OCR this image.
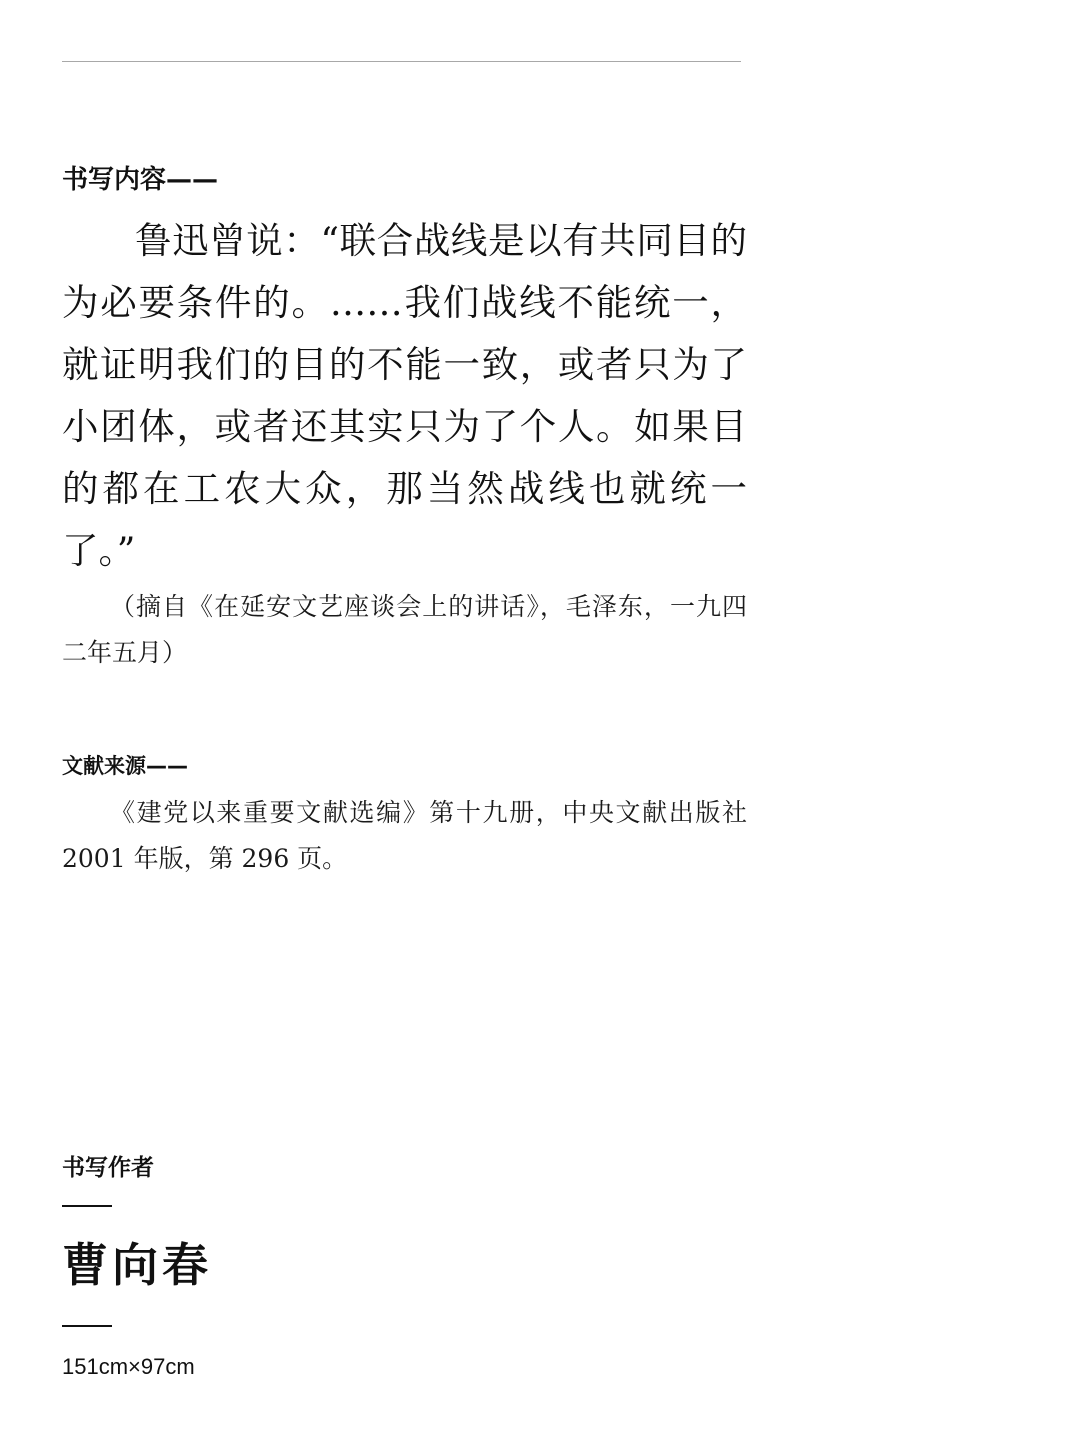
书写内容——

鲁迅曾说：“联合战线是以有共同目的为必要条件的。……我们战线不能统一，就证明我们的目的不能一致，或者只为了小团体，或者还其实只为了个人。如果目的都在工农大众，那当然战线也就统一了。”

（摘自《在延安文艺座谈会上的讲话》，毛泽东，一九四二年五月）

文献来源——

《建党以来重要文献选编》第十九册，中央文献出版社 2001 年版，第 296 页。

书写作者
曹向春
151cm×97cm
